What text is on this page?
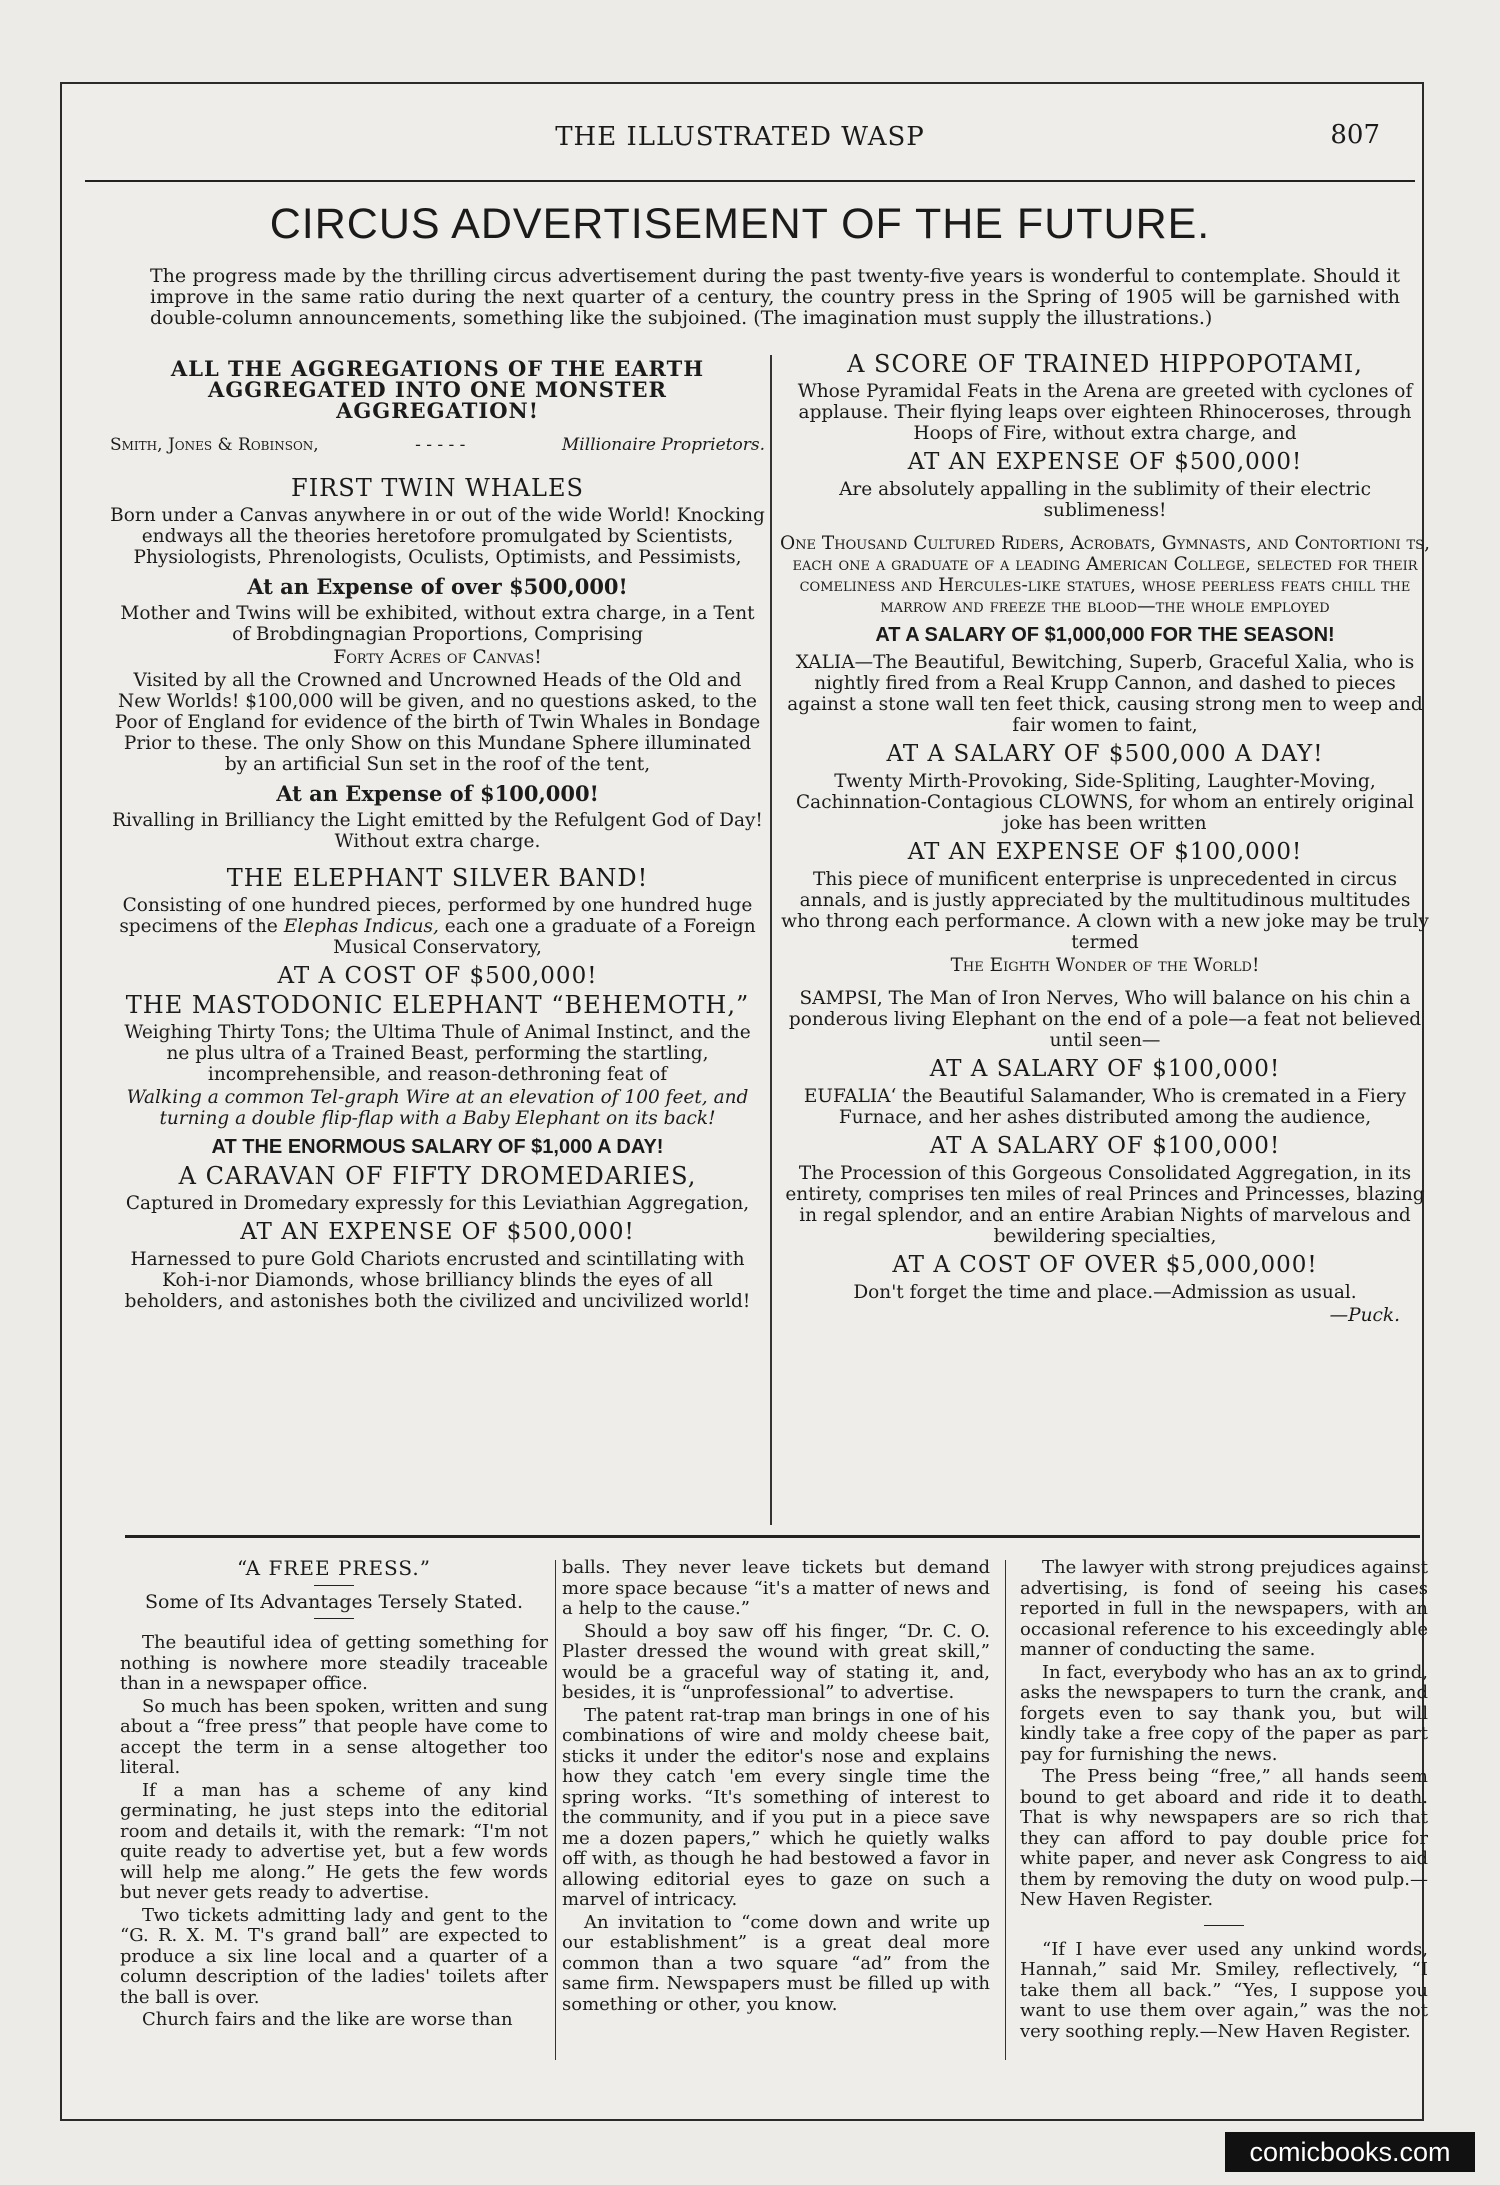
THE ILLUSTRATED WASP	807
CIRCUS ADVERTISEMENT OF THE FUTURE.
The progress made by the thrilling circus advertisement during the past twenty-five years is wonderful to contemplate. Should it improve in the same ratio during the next quarter of a century, the country press in the Spring of 1905 will be garnished with double-column announcements, something like the subjoined. (The imagination must supply the illustrations.)

ALL THE AGGREGATIONS OF THE EARTH AGGREGATED INTO ONE MONSTER AGGREGATION!

Smith, Jones & Robinson,	- - - - -	Millionaire Proprietors.

FIRST TWIN WHALES

Born under a Canvas anywhere in or out of the wide World! Knocking endways all the theories heretofore promulgated by Scientists, Physiologists, Phrenologists, Oculists, Optimists, and Pessimists,

At an Expense of over $500,000!

Mother and Twins will be exhibited, without extra charge, in a Tent of Brobdingnagian Proportions, Comprising

Forty Acres of Canvas!

Visited by all the Crowned and Uncrowned Heads of the Old and New Worlds! $100,000 will be given, and no questions asked, to the Poor of England for evidence of the birth of Twin Whales in Bondage Prior to these. The only Show on this Mundane Sphere illuminated by an artificial Sun set in the roof of the tent,

At an Expense of $100,000!

Rivalling in Brilliancy the Light emitted by the Refulgent God of Day! Without extra charge.

THE ELEPHANT SILVER BAND!

Consisting of one hundred pieces, performed by one hundred huge specimens of the Elephas Indicus, each one a graduate of a Foreign Musical Conservatory,

AT A COST OF $500,000!

THE MASTODONIC ELEPHANT “BEHEMOTH,”

Weighing Thirty Tons; the Ultima Thule of Animal Instinct, and the ne plus ultra of a Trained Beast, performing the startling, incomprehensible, and reason-dethroning feat of

Walking a common Tel-graph Wire at an elevation of 100 feet, and turning a double flip-flap with a Baby Elephant on its back!

AT THE ENORMOUS SALARY OF $1,000 A DAY!

A CARAVAN OF FIFTY DROMEDARIES,

Captured in Dromedary expressly for this Leviathian Aggregation,

AT AN EXPENSE OF $500,000!

Harnessed to pure Gold Chariots encrusted and scintillating with Koh-i-nor Diamonds, whose brilliancy blinds the eyes of all beholders, and astonishes both the civilized and uncivilized world!

A SCORE OF TRAINED HIPPOPOTAMI,

Whose Pyramidal Feats in the Arena are greeted with cyclones of applause. Their flying leaps over eighteen Rhinoceroses, through Hoops of Fire, without extra charge, and

AT AN EXPENSE OF $500,000!

Are absolutely appalling in the sublimity of their electric sublimeness!

One Thousand Cultured Riders, Acrobats, Gymnasts, and Contortioni ts, each one a graduate of a leading American College, selected for their comeliness and Hercules-like statues, whose peerless feats chill the marrow and freeze the blood—the whole employed

AT A SALARY OF $1,000,000 FOR THE SEASON!

XALIA—The Beautiful, Bewitching, Superb, Graceful Xalia, who is nightly fired from a Real Krupp Cannon, and dashed to pieces against a stone wall ten feet thick, causing strong men to weep and fair women to faint,

AT A SALARY OF $500,000 A DAY!

Twenty Mirth-Provoking, Side-Spliting, Laughter-Moving, Cachinnation-Contagious CLOWNS, for whom an entirely original joke has been written

AT AN EXPENSE OF $100,000!

This piece of munificent enterprise is unprecedented in circus annals, and is justly appreciated by the multitudinous multitudes who throng each performance. A clown with a new joke may be truly termed

The Eighth Wonder of the World!

SAMPSI, The Man of Iron Nerves, Who will balance on his chin a ponderous living Elephant on the end of a pole—a feat not believed until seen—

AT A SALARY OF $100,000!

EUFALIA‘ the Beautiful Salamander, Who is cremated in a Fiery Furnace, and her ashes distributed among the audience,

AT A SALARY OF $100,000!

The Procession of this Gorgeous Consolidated Aggregation, in its entirety, comprises ten miles of real Princes and Princesses, blazing in regal splendor, and an entire Arabian Nights of marvelous and bewildering specialties,

AT A COST OF OVER $5,000,000!

Don't forget the time and place.—Admission as usual.

—Puck.

“A FREE PRESS.”

Some of Its Advantages Tersely Stated.

The beautiful idea of getting something for nothing is nowhere more steadily traceable than in a newspaper office.

So much has been spoken, written and sung about a “free press” that people have come to accept the term in a sense altogether too literal.

If a man has a scheme of any kind germinating, he just steps into the editorial room and details it, with the remark: “I'm not quite ready to advertise yet, but a few words will help me along.” He gets the few words but never gets ready to advertise.

Two tickets admitting lady and gent to the “G. R. X. M. T's grand ball” are expected to produce a six line local and a quarter of a column description of the ladies' toilets after the ball is over.

Church fairs and the like are worse than

balls. They never leave tickets but demand more space because “it's a matter of news and a help to the cause.”

Should a boy saw off his finger, “Dr. C. O. Plaster dressed the wound with great skill,” would be a graceful way of stating it, and, besides, it is “unprofessional” to advertise.

The patent rat-trap man brings in one of his combinations of wire and moldy cheese bait, sticks it under the editor's nose and explains how they catch 'em every single time the spring works. “It's something of interest to the community, and if you put in a piece save me a dozen papers,” which he quietly walks off with, as though he had bestowed a favor in allowing editorial eyes to gaze on such a marvel of intricacy.

An invitation to “come down and write up our establishment” is a great deal more common than a two square “ad” from the same firm. Newspapers must be filled up with something or other, you know.

The lawyer with strong prejudices against advertising, is fond of seeing his cases reported in full in the newspapers, with an occasional reference to his exceedingly able manner of conducting the same.

In fact, everybody who has an ax to grind, asks the newspapers to turn the crank, and forgets even to say thank you, but will kindly take a free copy of the paper as part pay for furnishing the news.

The Press being “free,” all hands seem bound to get aboard and ride it to death. That is why newspapers are so rich that they can afford to pay double price for white paper, and never ask Congress to aid them by removing the duty on wood pulp.—New Haven Register.

“If I have ever used any unkind words, Hannah,” said Mr. Smiley, reflectively, “I take them all back.” “Yes, I suppose you want to use them over again,” was the not very soothing reply.—New Haven Register.

comicbooks.com
